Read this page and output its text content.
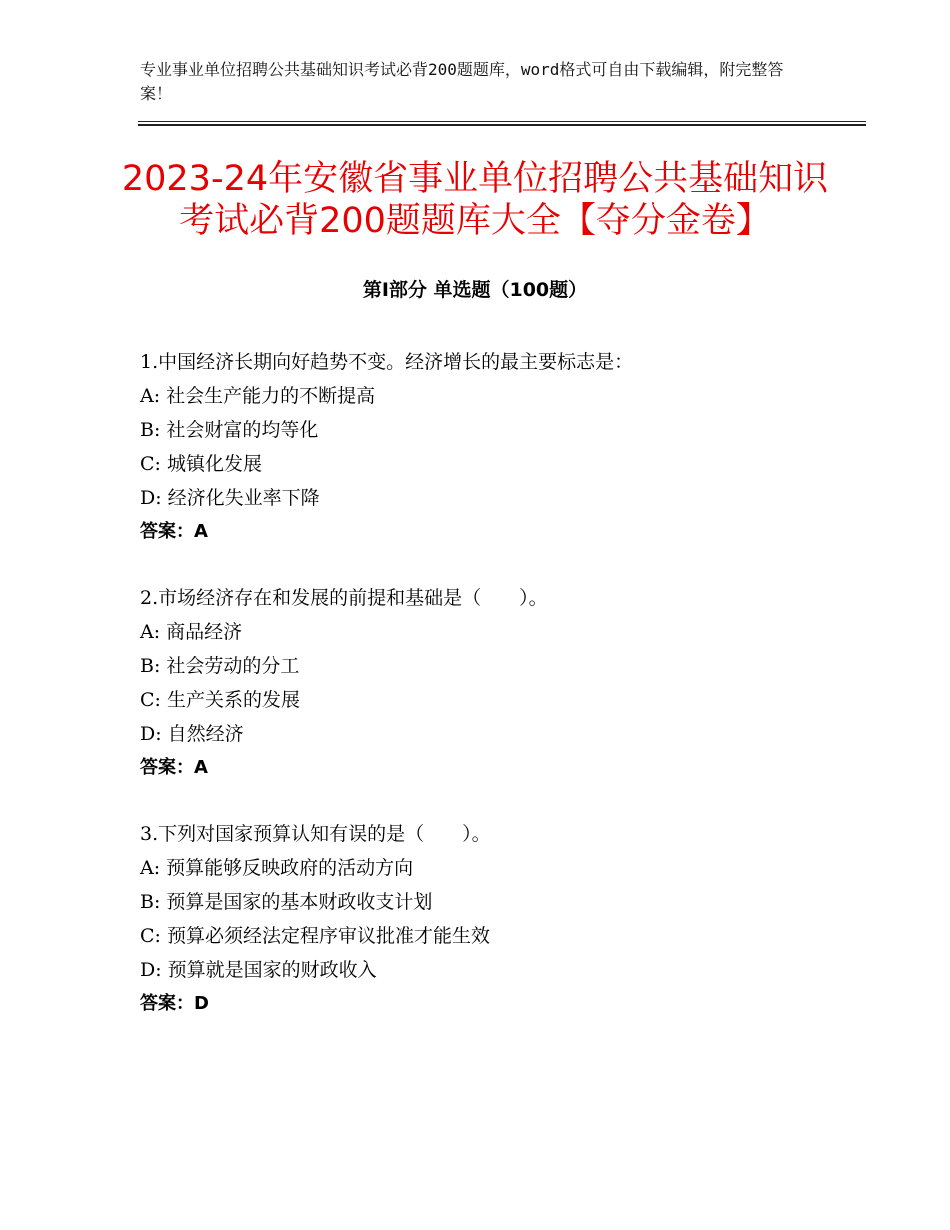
专业事业单位招聘公共基础知识考试必背200题题库，word格式可自由下载编辑，附完整答案！
2023-24年安徽省事业单位招聘公共基础知识考试必背200题题库大全【夺分金卷】
第Ⅰ部分 单选题（100题）
1.中国经济长期向好趋势不变。经济增长的最主要标志是：
A: 社会生产能力的不断提高
B: 社会财富的均等化
C: 城镇化发展
D: 经济化失业率下降
答案：A
2.市场经济存在和发展的前提和基础是（　　）。
A: 商品经济
B: 社会劳动的分工
C: 生产关系的发展
D: 自然经济
答案：A
3.下列对国家预算认知有误的是（　　）。
A: 预算能够反映政府的活动方向
B: 预算是国家的基本财政收支计划
C: 预算必须经法定程序审议批准才能生效
D: 预算就是国家的财政收入
答案：D
